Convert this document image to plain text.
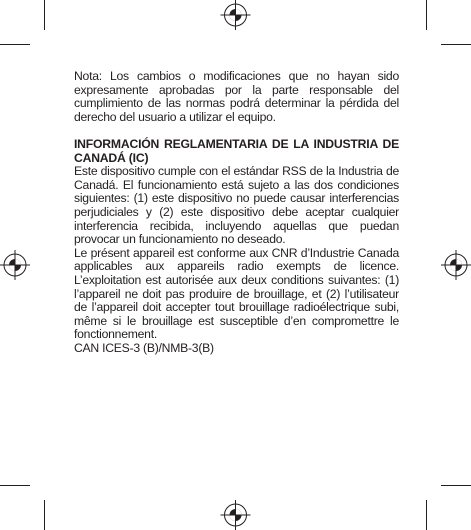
Nota: Los cambios o modificaciones que no hayan sido expresamente aprobadas por la parte responsable del cumplimiento de las normas podrá determinar la pérdida del derecho del usuario a utilizar el equipo.

INFORMACIÓN REGLAMENTARIA DE LA INDUSTRIA DE CANADÁ (IC)

Este dispositivo cumple con el estándar RSS de la Industria de Canadá. El funcionamiento está sujeto a las dos condiciones siguientes: (1) este dispositivo no puede causar interferencias perjudiciales y (2) este dispositivo debe aceptar cualquier interferencia recibida, incluyendo aquellas que puedan provocar un funcionamiento no deseado.

Le présent appareil est conforme aux CNR d’Industrie Canada applicables aux appareils radio exempts de licence. L’exploitation est autorisée aux deux conditions suivantes: (1) l’appareil ne doit pas produire de brouillage, et (2) l’utilisateur de l’appareil doit accepter tout brouillage radioélectrique subi, même si le brouillage est susceptible d’en compromettre le fonctionnement.

CAN ICES-3 (B)/NMB-3(B)
